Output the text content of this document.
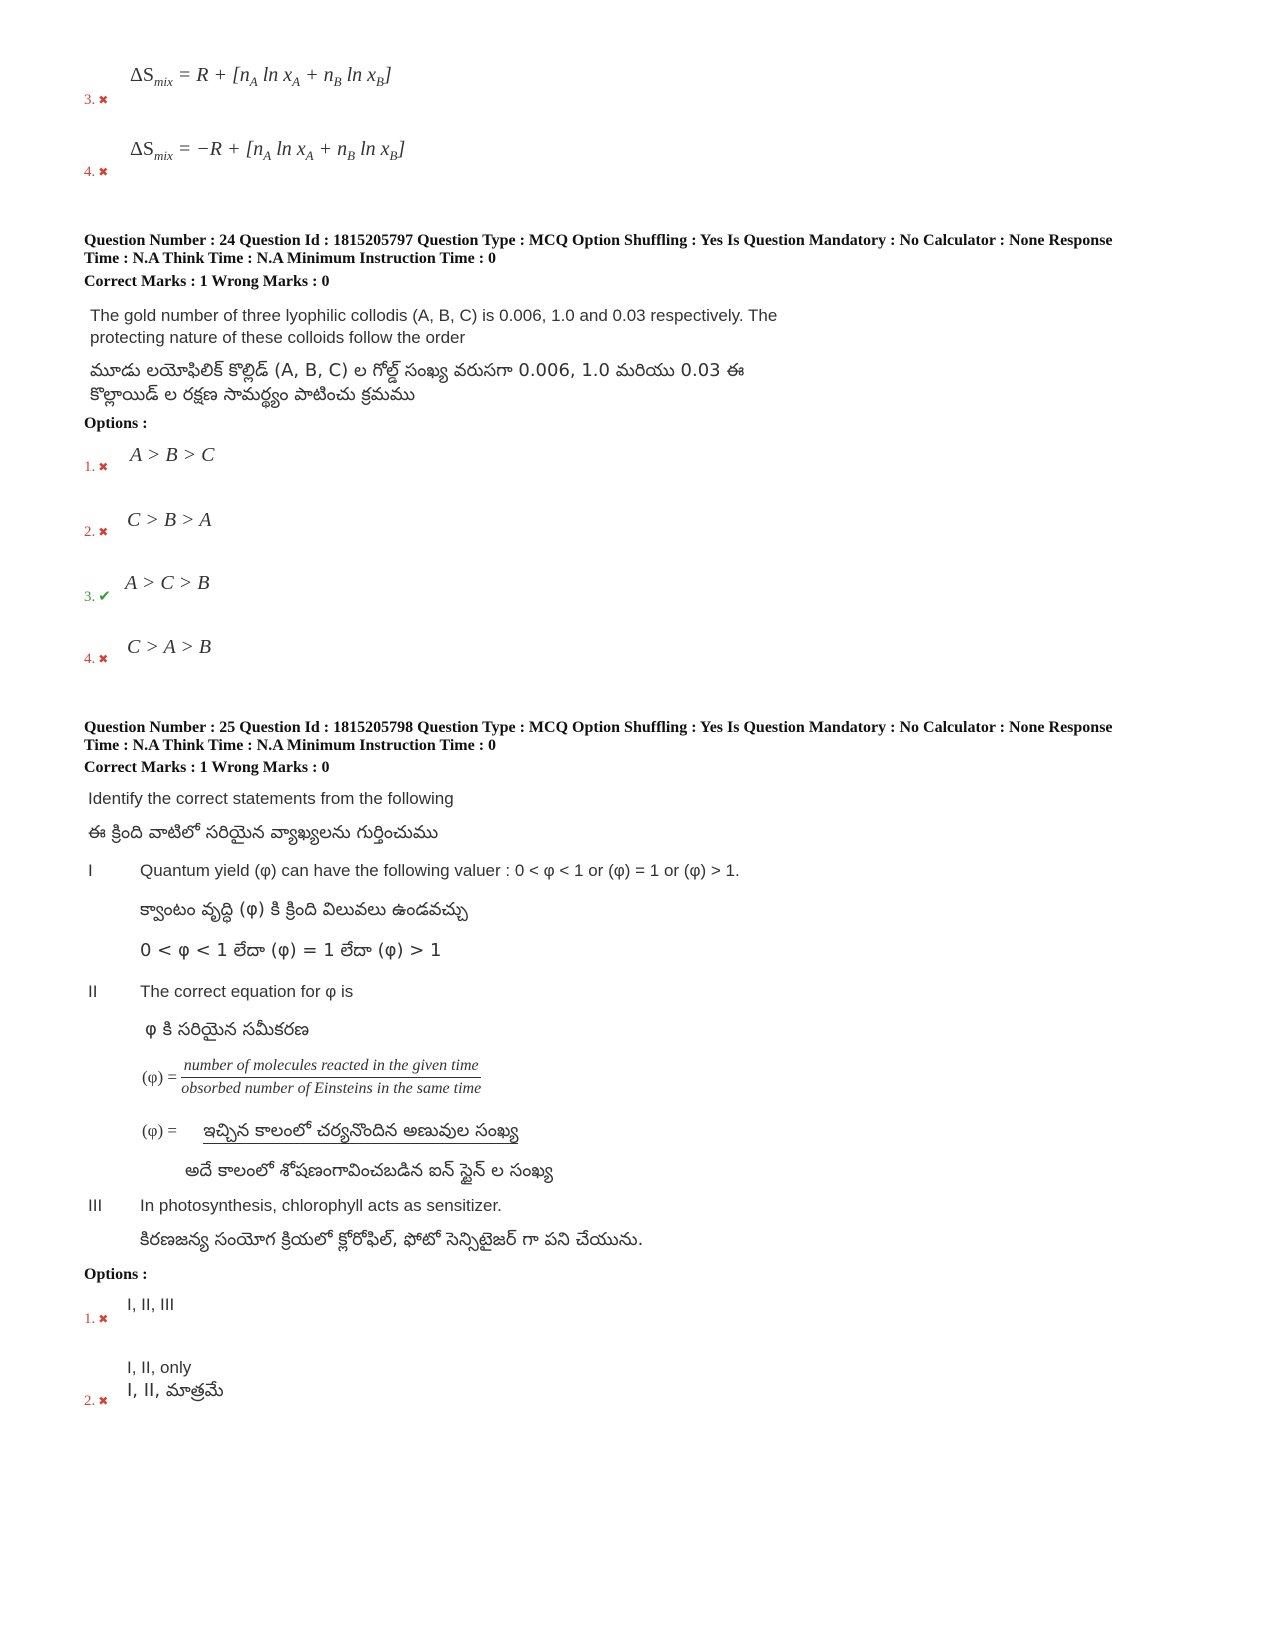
$\Delta S_{mix} = R + [n_A$ $\ln x_A + n_B$ $\ln x_B$]
3. ✖
$\Delta S_{mix} = -R + [n_A$ $\ln x_A + n_B$ $\ln x_B$]
4. ✖
Question Number : 24 Question Id : 1815205797 Question Type : MCQ Option Shuffling : Yes Is Question Mandatory : No Calculator : None Response
Time : N.A Think Time : N.A Minimum Instruction Time : 0
Correct Marks : 1 Wrong Marks : 0
The gold number of three lyophilic collodis (A, B, C) is 0.006, 1.0 and 0.03 respectively. The
protecting nature of these colloids follow the order
మూడు లయోఫిలిక్ కొల్లిడ్ (A, B, C) ల గోల్డ్ సంఖ్య వరుసగా 0.006, 1.0 మరియు 0.03 ఈ
కొల్లాయిడ్ ల రక్షణ సామర్థ్యం పాటించు క్రమము
Options :
A > B > C
1. ✖
C > B > A
2. ✖
A > C > B
3. ✔
C > A > B
4. ✖
Question Number : 25 Question Id : 1815205798 Question Type : MCQ Option Shuffling : Yes Is Question Mandatory : No Calculator : None Response
Time : N.A Think Time : N.A Minimum Instruction Time : 0
Correct Marks : 1 Wrong Marks : 0
Identify the correct statements from the following
ఈ క్రింది వాటిలో సరియైన వ్యాఖ్యలను గుర్తించుము
I	Quantum yield (φ) can have the following valuer : 0 < φ < 1 or (φ) = 1 or (φ) > 1.
క్వాంటం వృద్ధి (φ) కి క్రింది విలువలు ఉండవచ్చు
0 < φ < 1 లేదా (φ) = 1 లేదా (φ) > 1
II	The correct equation for φ is
φ కి సరియైన సమీకరణ
$(\varphi) = \frac{\text{number of molecules reacted in the given time}}{\text{obsorbed number of Einsteins in the same time}}$
(φ) = ఇచ్చిన కాలంలో చర్యనొందిన అణువుల సంఖ్య
అదే కాలంలో శోషణంగావించబడిన ఐన్ స్టైన్ ల సంఖ్య
III In photosynthesis, chlorophyll acts as sensitizer.
కిరణజన్య సంయోగ క్రియలో క్లోరోఫిల్, ఫోటో సెన్సిటైజర్ గా పని చేయును.
Options :
I, II, III
1. ✖
I, II, only
I, II, మాత్రమే
2. ✖
